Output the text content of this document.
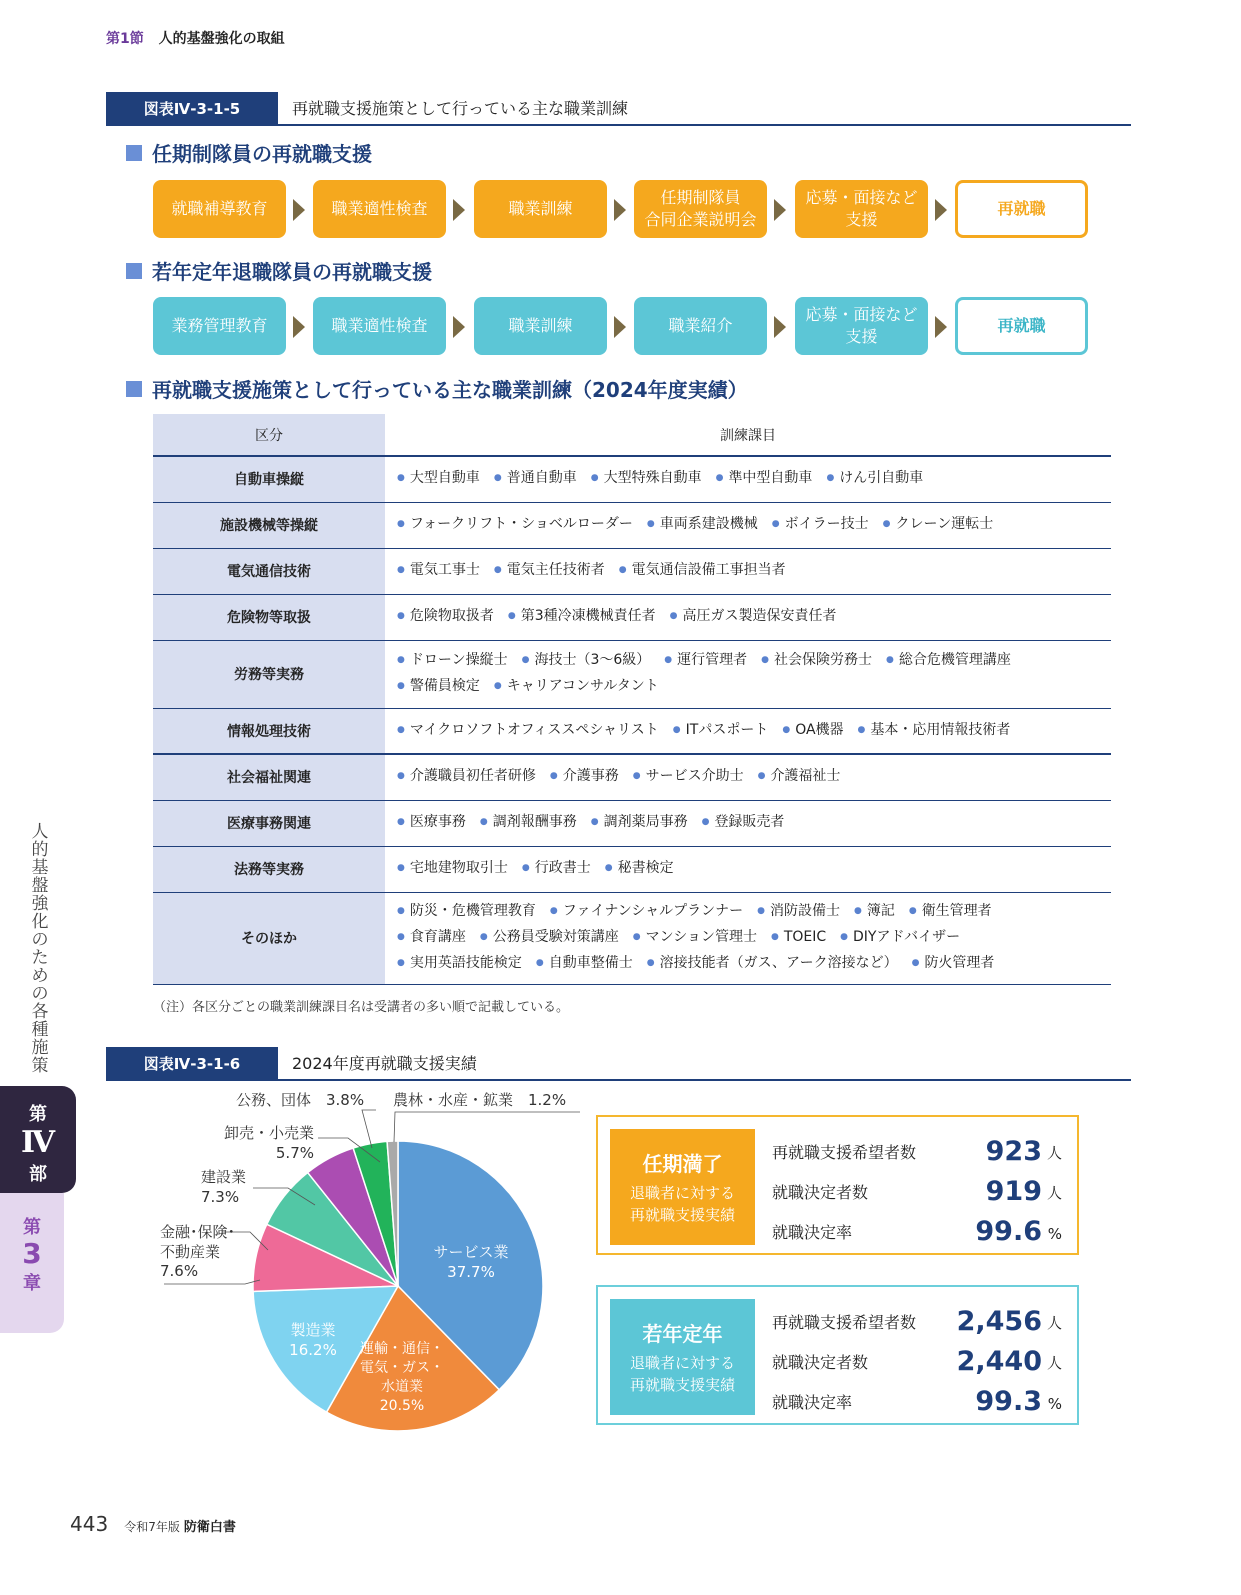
第1節 人的基盤強化の取組
図表Ⅳ-3-1-5	再就職支援施策として行っている主な職業訓練
任期制隊員の再就職支援
就職補導教育	職業適性検査	職業訓練
任期制隊員
合同企業説明会
応募・面接など
支援
再就職
若年定年退職隊員の再就職支援
業務管理教育	職業適性検査	職業訓練	職業紹介
応募・面接など
支援
再就職
再就職支援施策として行っている主な職業訓練（2024年度実績）
区分	訓練課目
自動車操縦	● 大型自動車 ● 普通自動車 ● 大型特殊自動車 ● 準中型自動車 ● けん引自動車

施設機械等操縦	● フォークリフト・ショベルローダー ● 車両系建設機械 ● ボイラー技士 ● クレーン運転士

電気通信技術	● 電気工事士 ● 電気主任技術者 ● 電気通信設備工事担当者

危険物等取扱	● 危険物取扱者 ● 第3種冷凍機械責任者 ● 高圧ガス製造保安責任者

労務等実務	● ドローン操縦士 ● 海技士（3～6級） ● 運行管理者 ● 社会保険労務士 ● 総合危機管理講座
● 警備員検定 ● キャリアコンサルタント

情報処理技術	● マイクロソフトオフィススペシャリスト ● ITパスポート ● OA機器 ● 基本・応用情報技術者

社会福祉関連	● 介護職員初任者研修 ● 介護事務 ● サービス介助士 ● 介護福祉士

医療事務関連	● 医療事務 ● 調剤報酬事務 ● 調剤薬局事務 ● 登録販売者

法務等実務	● 宅地建物取引士 ● 行政書士 ● 秘書検定

そのほか	● 防災・危機管理教育 ● ファイナンシャルプランナー ● 消防設備士 ● 簿記 ● 衛生管理者
● 食育講座 ● 公務員受験対策講座 ● マンション管理士 ● TOEIC ● DIYアドバイザー
● 実用英語技能検定 ● 自動車整備士 ● 溶接技能者（ガス、アーク溶接など） ● 防火管理者
（注）各区分ごとの職業訓練課目名は受講者の多い順で記載している。
人
的
基
盤
強
化
の
た
め
の
各
種
施
策
第
Ⅳ
部
第
3
章
図表Ⅳ-3-1-6	2024年度再就職支援実績
公務、団体　3.8% 農林・水産・鉱業　1.2%
卸売・小売業
5.7%
建設業
7.3%
金融･保険･
不動産業
7.6%
サービス業
37.7%
製造業
16.2%	運輸・通信・
電気・ガス・
水道業
20.5%
任期満了
退職者に対する
再就職支援実績
再就職支援希望者数	923 人
就職決定者数	919 人
就職決定率	99.6 %
若年定年
退職者に対する
再就職支援実績
再就職支援希望者数 2,456 人
就職決定者数	2,440 人
就職決定率	99.3 %
443 令和7年版 防衛白書
